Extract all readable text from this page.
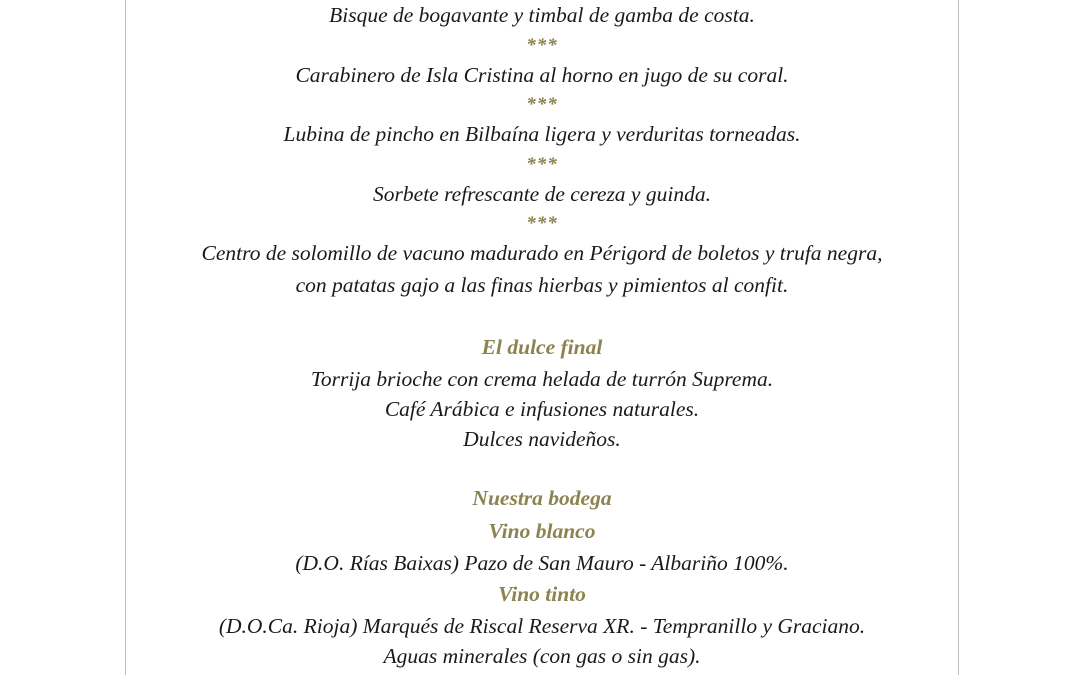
Bisque de bogavante y timbal de gamba de costa.
***
Carabinero de Isla Cristina al horno en jugo de su coral.
***
Lubina de pincho en Bilbaína ligera y verduritas torneadas.
***
Sorbete refrescante de cereza y guinda.
***
Centro de solomillo de vacuno madurado en Périgord de boletos y trufa negra,
con patatas gajo a las finas hierbas y pimientos al confit.
El dulce final
Torrija brioche con crema helada de turrón Suprema.
Café Arábica e infusiones naturales.
Dulces navideños.
Nuestra bodega
Vino blanco
(D.O. Rías Baixas) Pazo de San Mauro - Albariño 100%.
Vino tinto
(D.O.Ca. Rioja) Marqués de Riscal Reserva XR. - Tempranillo y Graciano.
Aguas minerales (con gas o sin gas).
